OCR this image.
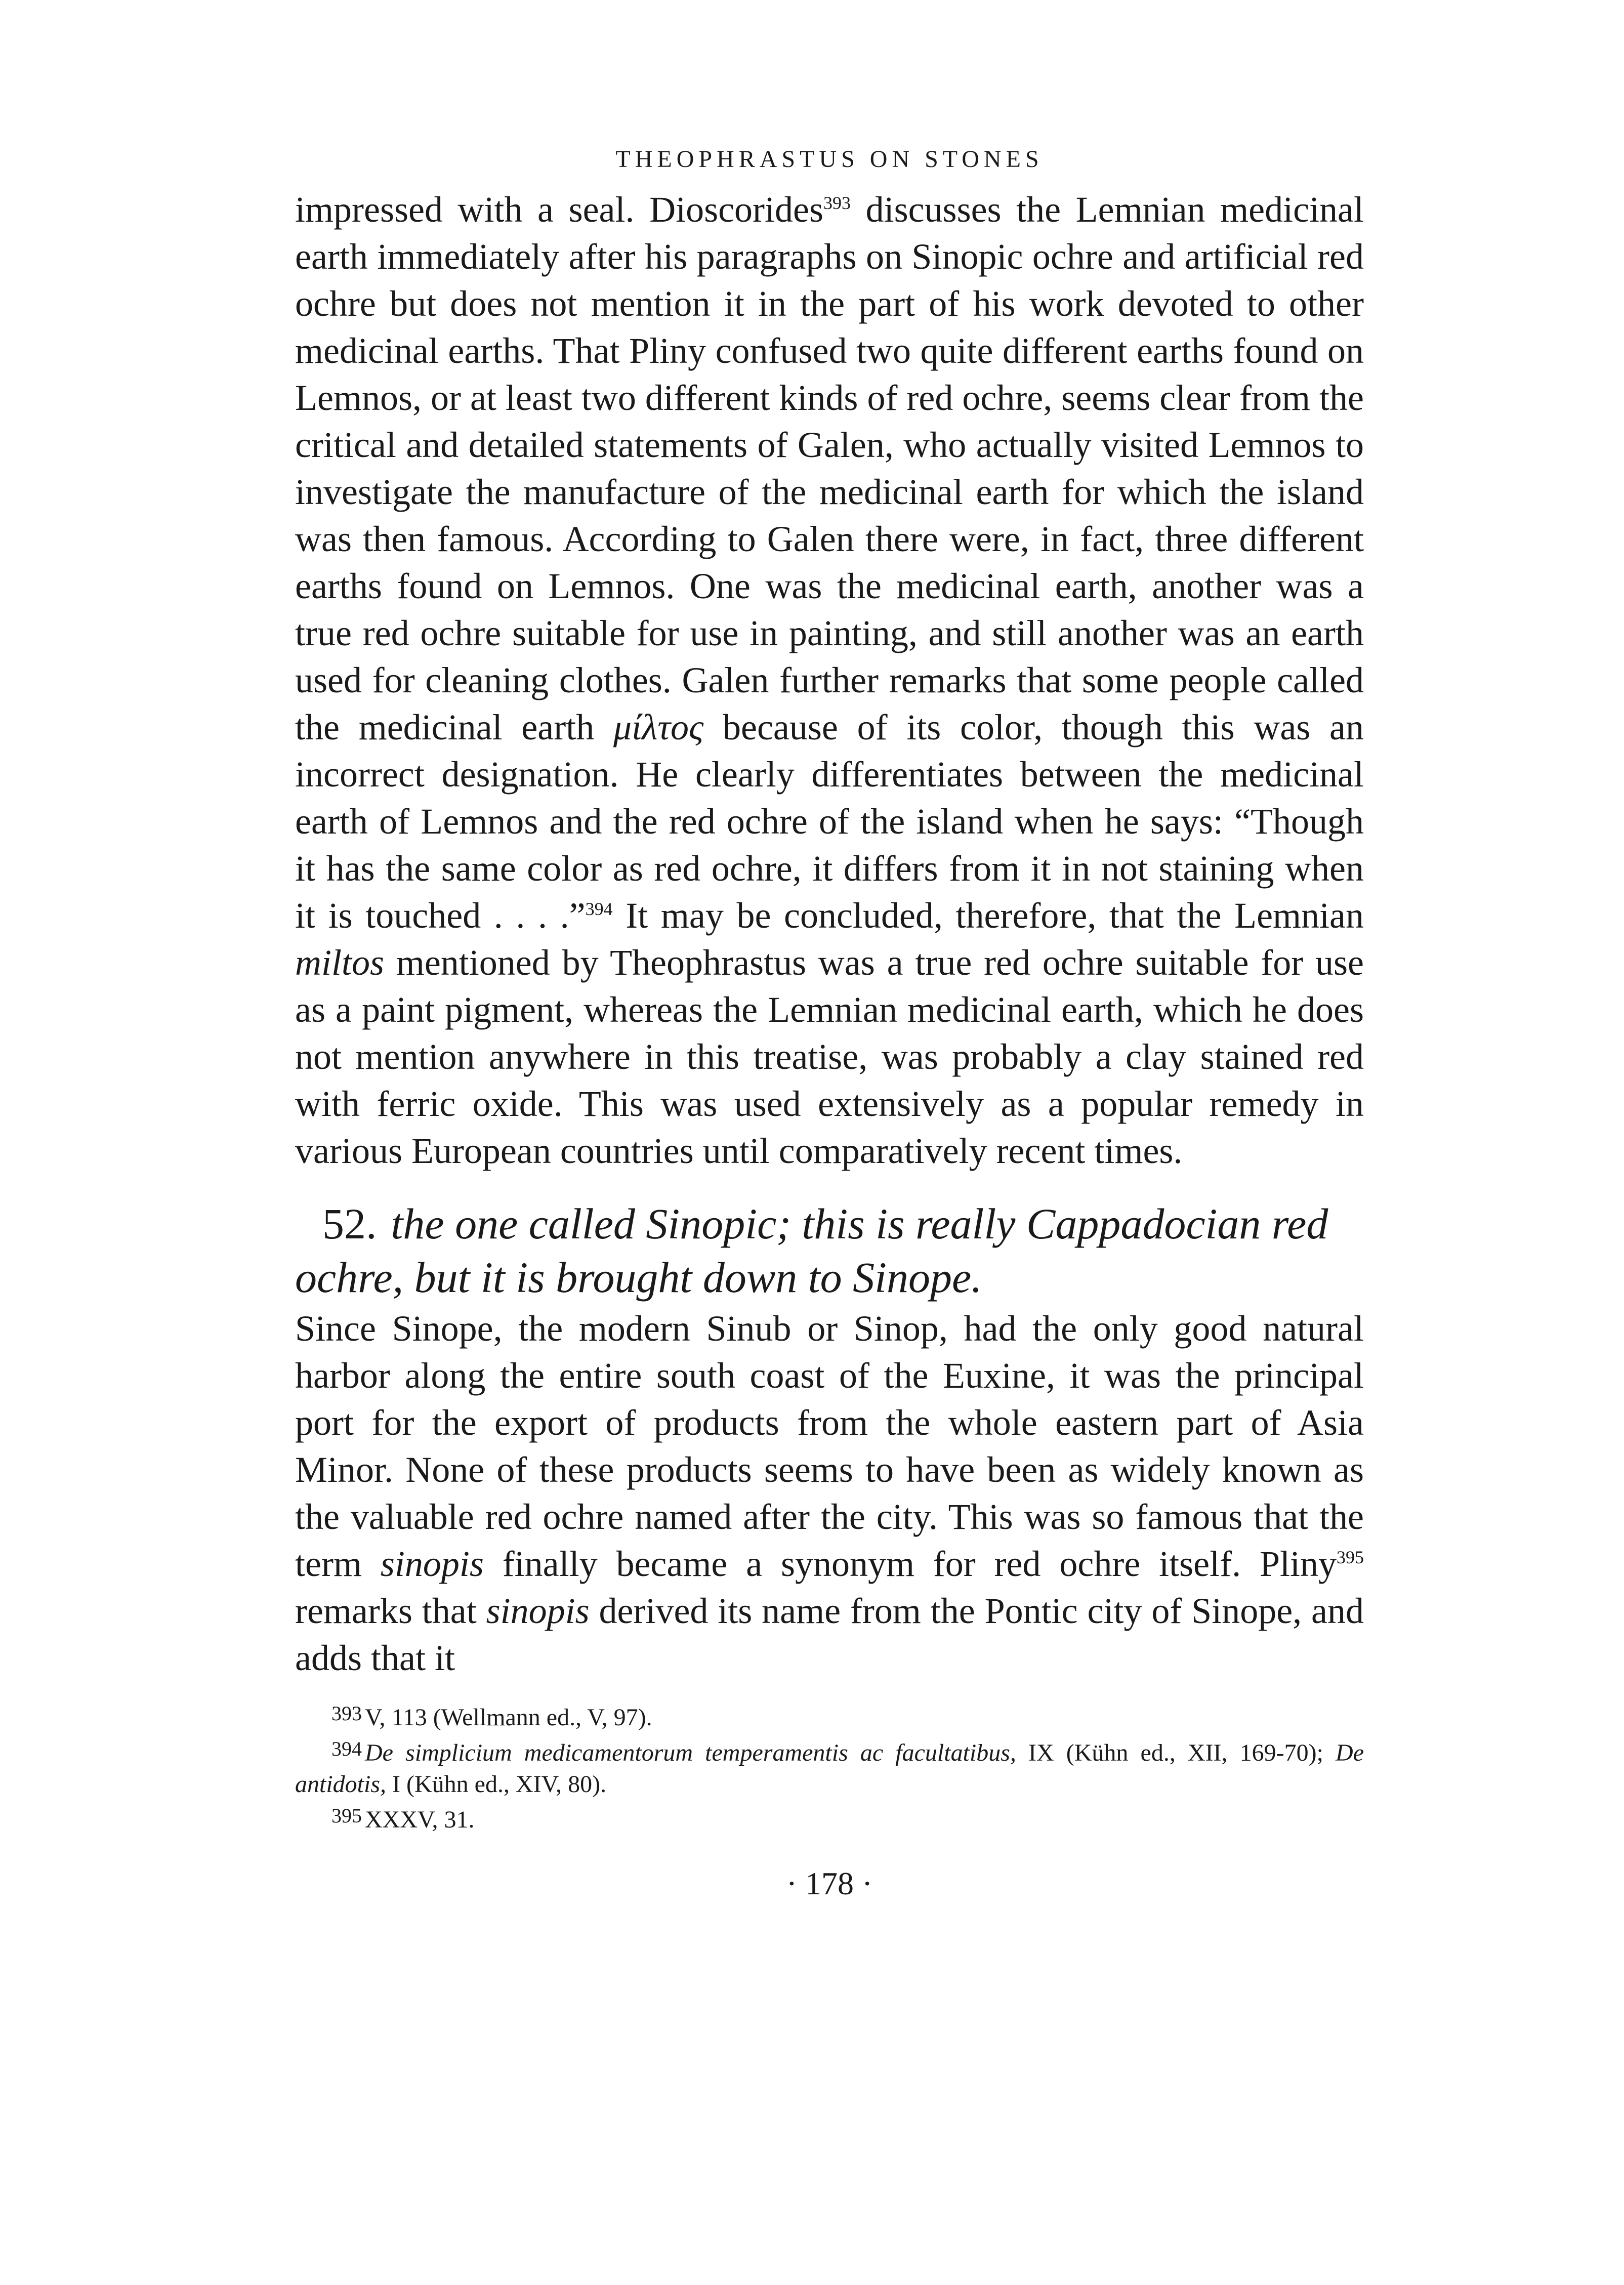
THEOPHRASTUS ON STONES

impressed with a seal. Dioscorides$^{393}$ discusses the Lemnian medicinal earth immediately after his paragraphs on Sinopic ochre and artificial red ochre but does not mention it in the part of his work devoted to other medicinal earths. That Pliny confused two quite different earths found on Lemnos, or at least two different kinds of red ochre, seems clear from the critical and detailed statements of Galen, who actually visited Lemnos to investigate the manufacture of the medicinal earth for which the island was then famous. According to Galen there were, in fact, three different earths found on Lemnos. One was the medicinal earth, another was a true red ochre suitable for use in painting, and still another was an earth used for cleaning clothes. Galen further remarks that some people called the medicinal earth μίλτος because of its color, though this was an incorrect designation. He clearly differentiates between the medicinal earth of Lemnos and the red ochre of the island when he says: “Though it has the same color as red ochre, it differs from it in not staining when it is touched . . . .”$^{394}$ It may be concluded, therefore, that the Lemnian miltos mentioned by Theophrastus was a true red ochre suitable for use as a paint pigment, whereas the Lemnian medicinal earth, which he does not mention anywhere in this treatise, was probably a clay stained red with ferric oxide. This was used extensively as a popular remedy in various European countries until comparatively recent times.

52. the one called Sinopic; this is really Cappadocian red ochre, but it is brought down to Sinope.

Since Sinope, the modern Sinub or Sinop, had the only good natural harbor along the entire south coast of the Euxine, it was the principal port for the export of products from the whole eastern part of Asia Minor. None of these products seems to have been as widely known as the valuable red ochre named after the city. This was so famous that the term sinopis finally became a synonym for red ochre itself. Pliny$^{395}$ remarks that sinopis derived its name from the Pontic city of Sinope, and adds that it

$^{393}$ V, 113 (Wellmann ed., V, 97).

$^{394}$ De simplicium medicamentorum temperamentis ac facultatibus, IX (Kühn ed., XII, 169-70); De antidotis, I (Kühn ed., XIV, 80).

$^{395}$ XXXV, 31.

· 178 ·
